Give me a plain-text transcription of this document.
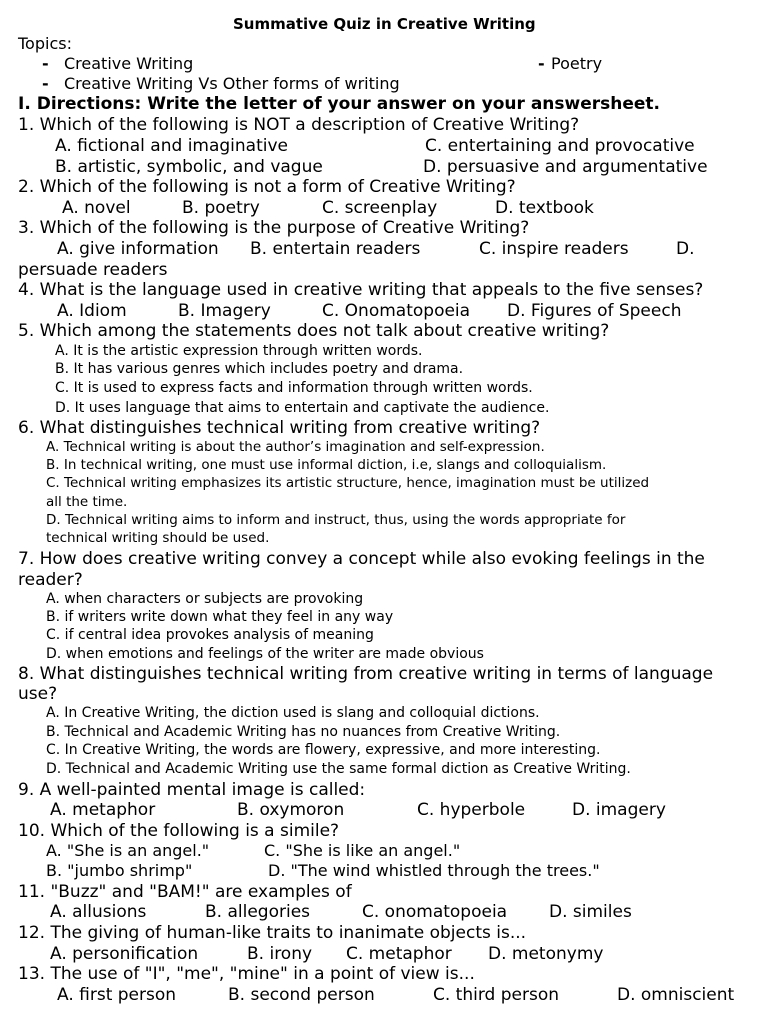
Summative Quiz in Creative Writing
Topics:
- Creative Writing	- Poetry
- Creative Writing Vs Other forms of writing
I. Directions: Write the letter of your answer on your answersheet.
1. Which of the following is NOT a description of Creative Writing?
A. fictional and imaginative	C. entertaining and provocative
B. artistic, symbolic, and vague	D. persuasive and argumentative
2. Which of the following is not a form of Creative Writing?
A. novel	B. poetry	C. screenplay	D. textbook
3. Which of the following is the purpose of Creative Writing?
A. give information B. entertain readers	C. inspire readers	D.
persuade readers
4. What is the language used in creative writing that appeals to the five senses?
A. Idiom	B. Imagery	C. Onomatopoeia D. Figures of Speech
5. Which among the statements does not talk about creative writing?
A. It is the artistic expression through written words.
B. It has various genres which includes poetry and drama.
C. It is used to express facts and information through written words.
D. It uses language that aims to entertain and captivate the audience.
6. What distinguishes technical writing from creative writing?
A. Technical writing is about the author’s imagination and self-expression.
B. In technical writing, one must use informal diction, i.e, slangs and colloquialism.
C. Technical writing emphasizes its artistic structure, hence, imagination must be utilized
all the time.
D. Technical writing aims to inform and instruct, thus, using the words appropriate for
technical writing should be used.
7. How does creative writing convey a concept while also evoking feelings in the
reader?
A. when characters or subjects are provoking
B. if writers write down what they feel in any way
C. if central idea provokes analysis of meaning
D. when emotions and feelings of the writer are made obvious
8. What distinguishes technical writing from creative writing in terms of language
use?
A. In Creative Writing, the diction used is slang and colloquial dictions.
B. Technical and Academic Writing has no nuances from Creative Writing.
C. In Creative Writing, the words are flowery, expressive, and more interesting.
D. Technical and Academic Writing use the same formal diction as Creative Writing.
9. A well-painted mental image is called:
A. metaphor	B. oxymoron	C. hyperbole	D. imagery
10. Which of the following is a simile?
A. "She is an angel."	C. "She is like an angel."
B. "jumbo shrimp"	D. "The wind whistled through the trees."
11. "Buzz" and "BAM!" are examples of
A. allusions	B. allegories	C. onomatopoeia D. similes
12. The giving of human-like traits to inanimate objects is...
A. personification	B. irony C. metaphor D. metonymy
13. The use of "I", "me", "mine" in a point of view is...
A. first person	B. second person	C. third person	D. omniscient
